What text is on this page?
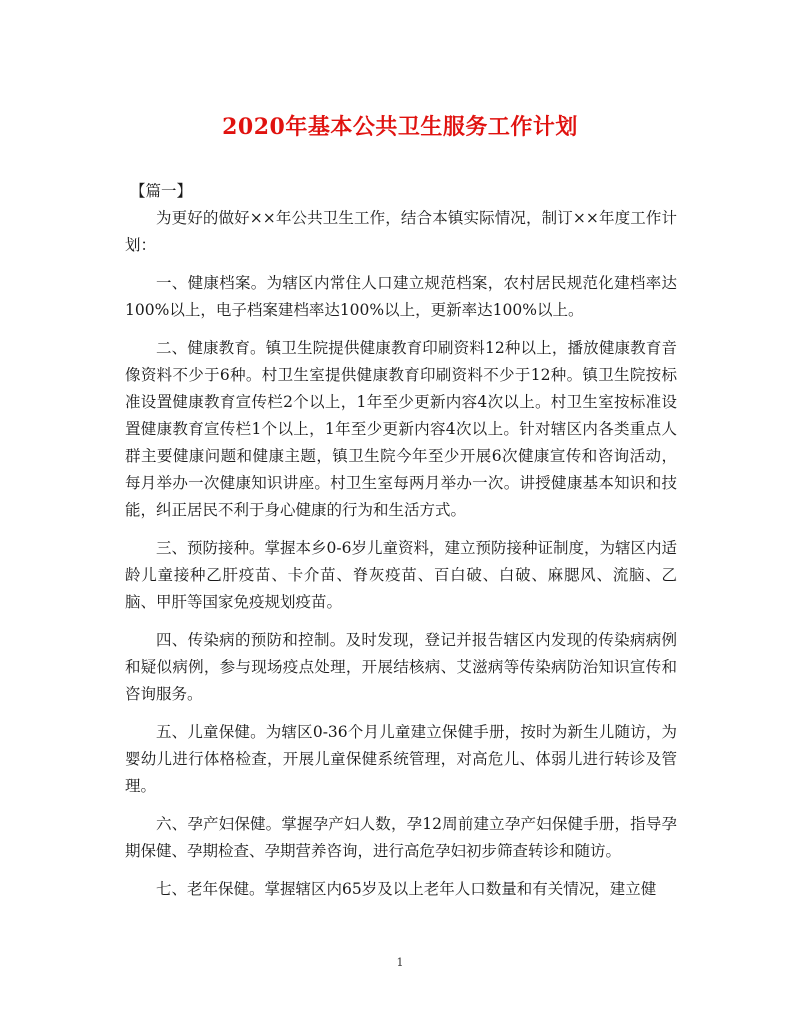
2020年基本公共卫生服务工作计划
【篇一】

为更好的做好××年公共卫生工作，结合本镇实际情况，制订××年度工作计划：

一、健康档案。为辖区内常住人口建立规范档案，农村居民规范化建档率达100%以上，电子档案建档率达100%以上，更新率达100%以上。

二、健康教育。镇卫生院提供健康教育印刷资料12种以上，播放健康教育音像资料不少于6种。村卫生室提供健康教育印刷资料不少于12种。镇卫生院按标准设置健康教育宣传栏2个以上，1年至少更新内容4次以上。村卫生室按标准设置健康教育宣传栏1个以上，1年至少更新内容4次以上。针对辖区内各类重点人群主要健康问题和健康主题，镇卫生院今年至少开展6次健康宣传和咨询活动，每月举办一次健康知识讲座。村卫生室每两月举办一次。讲授健康基本知识和技能，纠正居民不利于身心健康的行为和生活方式。

三、预防接种。掌握本乡0-6岁儿童资料，建立预防接种证制度，为辖区内适龄儿童接种乙肝疫苗、卡介苗、脊灰疫苗、百白破、白破、麻腮风、流脑、乙脑、甲肝等国家免疫规划疫苗。

四、传染病的预防和控制。及时发现，登记并报告辖区内发现的传染病病例和疑似病例，参与现场疫点处理，开展结核病、艾滋病等传染病防治知识宣传和咨询服务。

五、儿童保健。为辖区0-36个月儿童建立保健手册，按时为新生儿随访，为婴幼儿进行体格检查，开展儿童保健系统管理，对高危儿、体弱儿进行转诊及管理。

六、孕产妇保健。掌握孕产妇人数，孕12周前建立孕产妇保健手册，指导孕期保健、孕期检查、孕期营养咨询，进行高危孕妇初步筛查转诊和随访。

七、老年保健。掌握辖区内65岁及以上老年人口数量和有关情况，建立健

1
